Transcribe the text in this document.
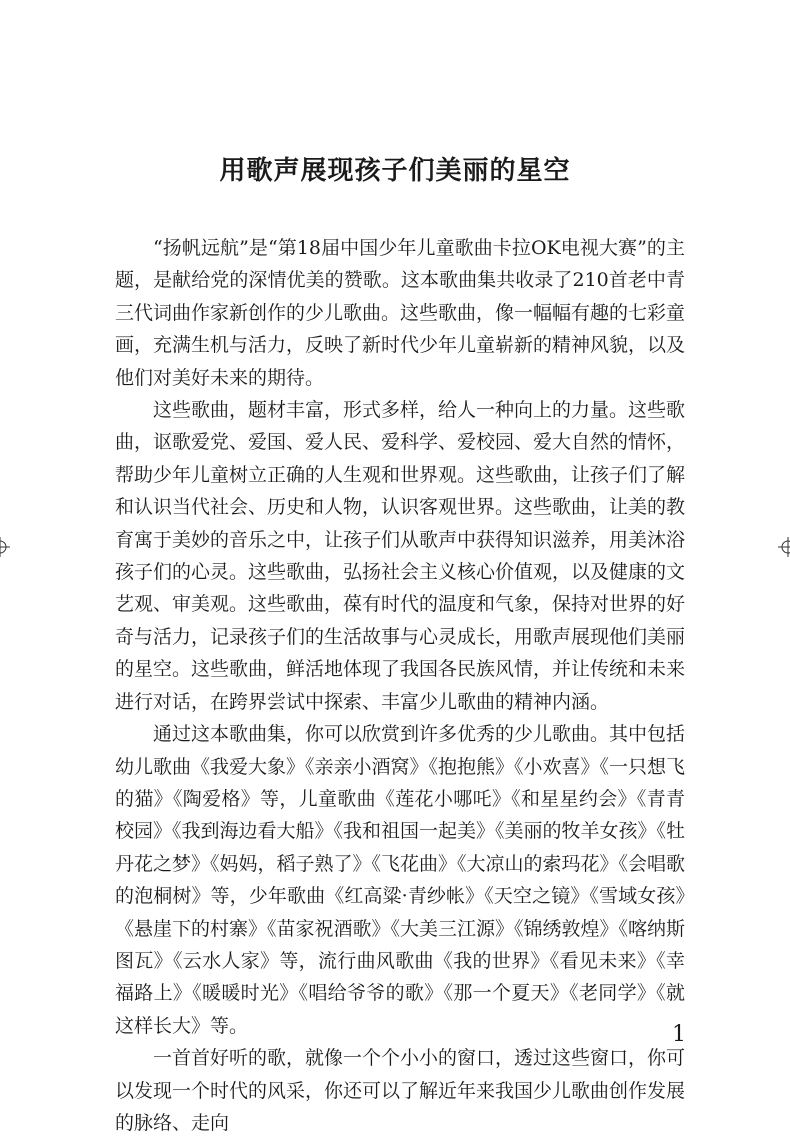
用歌声展现孩子们美丽的星空

“扬帆远航”是“第18届中国少年儿童歌曲卡拉OK电视大赛”的主题，是献给党的深情优美的赞歌。这本歌曲集共收录了210首老中青三代词曲作家新创作的少儿歌曲。这些歌曲，像一幅幅有趣的七彩童画，充满生机与活力，反映了新时代少年儿童崭新的精神风貌，以及他们对美好未来的期待。

这些歌曲，题材丰富，形式多样，给人一种向上的力量。这些歌曲，讴歌爱党、爱国、爱人民、爱科学、爱校园、爱大自然的情怀，帮助少年儿童树立正确的人生观和世界观。这些歌曲，让孩子们了解和认识当代社会、历史和人物，认识客观世界。这些歌曲，让美的教育寓于美妙的音乐之中，让孩子们从歌声中获得知识滋养，用美沐浴孩子们的心灵。这些歌曲，弘扬社会主义核心价值观，以及健康的文艺观、审美观。这些歌曲，葆有时代的温度和气象，保持对世界的好奇与活力，记录孩子们的生活故事与心灵成长，用歌声展现他们美丽的星空。这些歌曲，鲜活地体现了我国各民族风情，并让传统和未来进行对话，在跨界尝试中探索、丰富少儿歌曲的精神内涵。

通过这本歌曲集，你可以欣赏到许多优秀的少儿歌曲。其中包括幼儿歌曲《我爱大象》《亲亲小酒窝》《抱抱熊》《小欢喜》《一只想飞的猫》《陶爱格》等，儿童歌曲《莲花小哪吒》《和星星约会》《青青校园》《我到海边看大船》《我和祖国一起美》《美丽的牧羊女孩》《牡丹花之梦》《妈妈，稻子熟了》《飞花曲》《大凉山的索玛花》《会唱歌的泡桐树》等，少年歌曲《红高粱·青纱帐》《天空之镜》《雪域女孩》《悬崖下的村寨》《苗家祝酒歌》《大美三江源》《锦绣敦煌》《喀纳斯图瓦》《云水人家》等，流行曲风歌曲《我的世界》《看见未来》《幸福路上》《暖暖时光》《唱给爷爷的歌》《那一个夏天》《老同学》《就这样长大》等。

一首首好听的歌，就像一个个小小的窗口，透过这些窗口，你可以发现一个时代的风采，你还可以了解近年来我国少儿歌曲创作发展的脉络、走向

1
